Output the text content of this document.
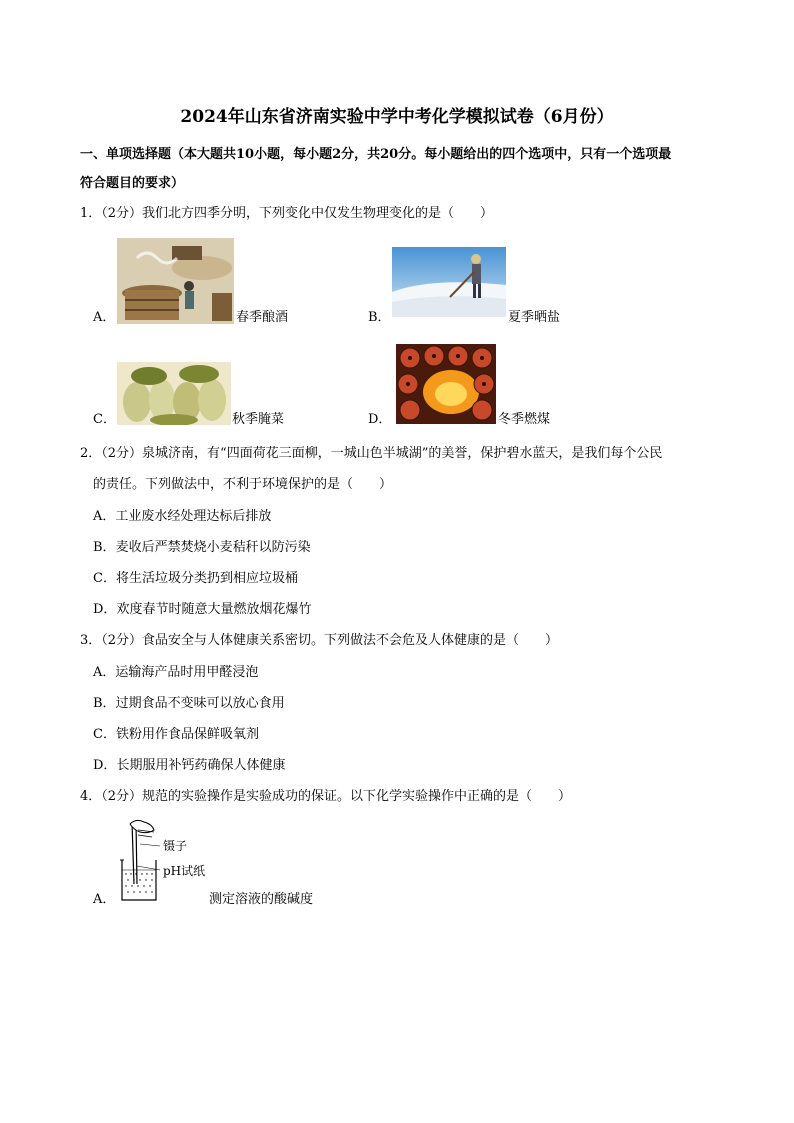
2024年山东省济南实验中学中考化学模拟试卷（6月份）
一、单项选择题（本大题共10小题，每小题2分，共20分。每小题给出的四个选项中，只有一个选项最
符合题目的要求）
1．（2分）我们北方四季分明，下列变化中仅发生物理变化的是（　　）
A．	春季酿酒	B．	夏季晒盐
C．	秋季腌菜	D．	冬季燃煤
2．（2分）泉城济南，有“四面荷花三面柳，一城山色半城湖”的美誉，保护碧水蓝天，是我们每个公民
的责任。下列做法中，不利于环境保护的是（　　）
A．工业废水经处理达标后排放
B．麦收后严禁焚烧小麦秸秆以防污染
C．将生活垃圾分类扔到相应垃圾桶
D．欢度春节时随意大量燃放烟花爆竹
3．（2分）食品安全与人体健康关系密切。下列做法不会危及人体健康的是（　　）
A．运输海产品时用甲醛浸泡
B．过期食品不变味可以放心食用
C．铁粉用作食品保鲜吸氧剂
D．长期服用补钙药确保人体健康
4．（2分）规范的实验操作是实验成功的保证。以下化学实验操作中正确的是（　　）
A．
镊子
pH试纸
测定溶液的酸碱度
